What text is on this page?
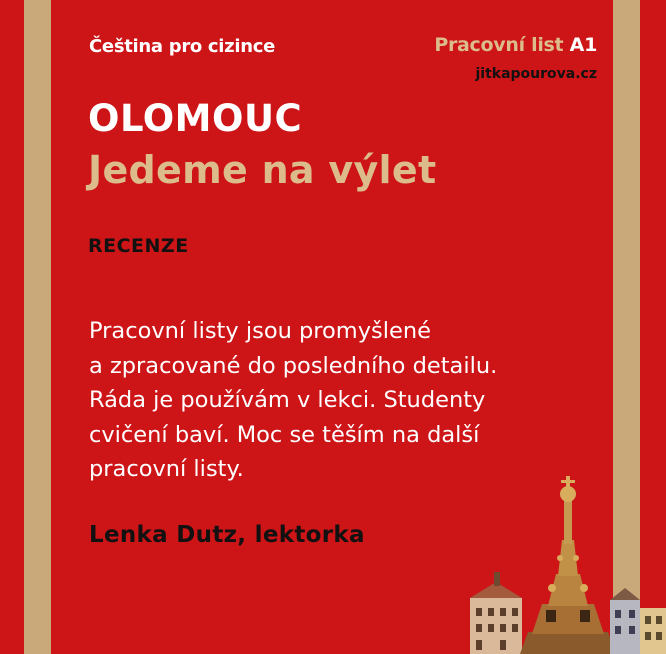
Čeština pro cizince	Pracovní list A1
jitkapourova.cz
OLOMOUC
Jedeme na výlet
RECENZE
Pracovní listy jsou promyšlené
a zpracované do posledního detailu.
Ráda je používám v lekci. Studenty
cvičení baví. Moc se těším na další
pracovní listy.
Lenka Dutz, lektorka
